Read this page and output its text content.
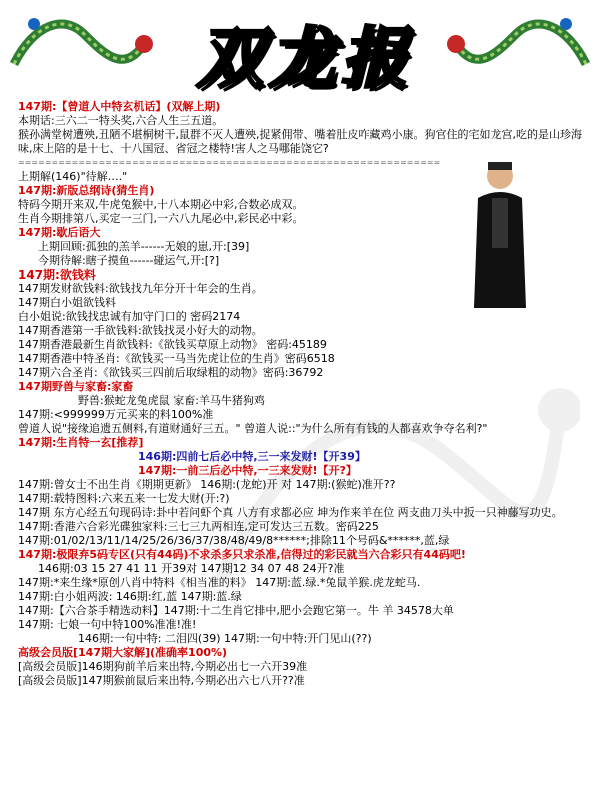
双龙报
147期:【曾道人中特玄机话】(双解上期)
本期话:三六二一特头奖,六合人生三五道。
猴孙满堂树遭殃,丑陋不堪桐树干,鼠群不灭人遭殃,捉紧佣带、嘴着肚皮咋藏鸡小康。狗官住的宅如龙宫,吃的是山珍海味,床上陪的是十七、十八国冠、省冠之楼特!害人之马哪能饶它?
===============================================================
上期解(146)"待解…."
147期:新版总纲诗(猜生肖)
特码今期开来双,牛虎兔猴中,十八本期必中彩,合数必成双。
生肖今期排第八,买定一三门,一六八九尾必中,彩民必中彩。
147期:歇后语大
上期回顾:孤独的羔羊------无娘的崽,开:[39]
今期待解:瞎子摸鱼------碰运气,开:[?]
147期:欲钱料
147期发财欲钱料:欲钱找九年分开十年会的生肖。
147期白小姐欲钱料
白小姐说:欲钱找忠诚有加守门口的 密码2174
147期香港第一手欲钱料:欲钱找灵小好大的动物。
147期香港最新生肖欲钱料:《欲钱买草原上动物》 密码:45189
147期香港中特圣肖:《欲钱买一马当先虎让位的生肖》密码6518
147期六合圣肖:《欲钱买三四前后取绿粗的动物》密码:36792
147期野兽与家畜:家畜
野兽:猴蛇龙兔虎鼠 家畜:羊马牛猪狗鸡
147期:<999999万元买来的料100%准
曾道人说"接缘追遗五侧料,有道财通好三五。" 曾道人说::"为什么所有有钱的人都喜欢争夺名利?"
147期:生肖特一玄[推荐]
146期:四前七后必中特,三一来发财!【开39】
147期:一前三后必中特,一三来发财!【开?】
147期:曾女士不出生肖《期期更新》 146期:(龙蛇)开 对 147期:(猴蛇)准开??
147期:载特图料:六来五来一七发大财(开:?)
147期 东方心经五句现码诗:卦中若问虾个真 八方有求都必应 坤为作来羊在位 两支曲刀头中扳一只神藤写功史。
147期:香港六合彩光碟独家料:三七三九两相连,定可发达三五数。密码225
147期:01/02/13/11/14/25/26/36/37/38/48/49/8******;排除11个号码&******,蓝,绿
147期:极限弃5码专区(只有44码)不求杀多只求杀准,信得过的彩民就当六合彩只有44码吧!
146期:03 15 27 41 11 开39对 147期12 34 07 48 24开?准
147期:*来生缘*原创八肖中特料《相当准的料》 147期:蓝.绿.*兔鼠羊猴.虎龙蛇马.
147期:白小姐两波: 146期:红,蓝 147期:蓝.绿
147期:【六合茶手精选动料】147期:十二生肖它排中,肥小会跑它第一。牛 羊 34578大单
147期: 七娘一句中特100%准准!准!
146期:一句中特: 二泪四(39) 147期:一句中特:开门见山(??)
高级会员版[147期大家解](准确率100%)
[高级会员版]146期狗前羊后来出特,今期必出七一六开39准
[高级会员版]147期猴前鼠后来出特,今期必出六七八开??准
